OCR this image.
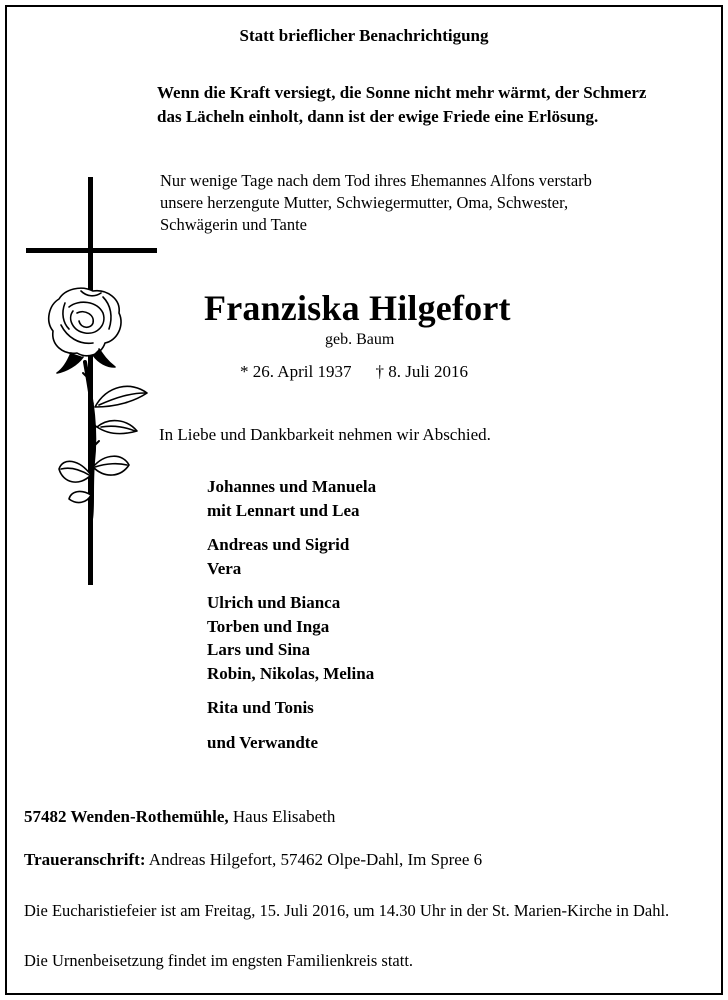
Statt brieflicher Benachrichtigung
Wenn die Kraft versiegt, die Sonne nicht mehr wärmt, der Schmerz
das Lächeln einholt, dann ist der ewige Friede eine Erlösung.
Nur wenige Tage nach dem Tod ihres Ehemannes Alfons verstarb
unsere herzengute Mutter, Schwiegermutter, Oma, Schwester,
Schwägerin und Tante
Franziska Hilgefort
geb. Baum
* 26. April 1937 † 8. Juli 2016
In Liebe und Dankbarkeit nehmen wir Abschied.
Johannes und Manuela
mit Lennart und Lea
Andreas und Sigrid
Vera
Ulrich und Bianca
Torben und Inga
Lars und Sina
Robin, Nikolas, Melina
Rita und Tonis
und Verwandte
57482 Wenden-Rothemühle, Haus Elisabeth
Traueranschrift: Andreas Hilgefort, 57462 Olpe-Dahl, Im Spree 6
Die Eucharistiefeier ist am Freitag, 15. Juli 2016, um 14.30 Uhr in der St. Marien-Kirche in Dahl.
Die Urnenbeisetzung findet im engsten Familienkreis statt.
